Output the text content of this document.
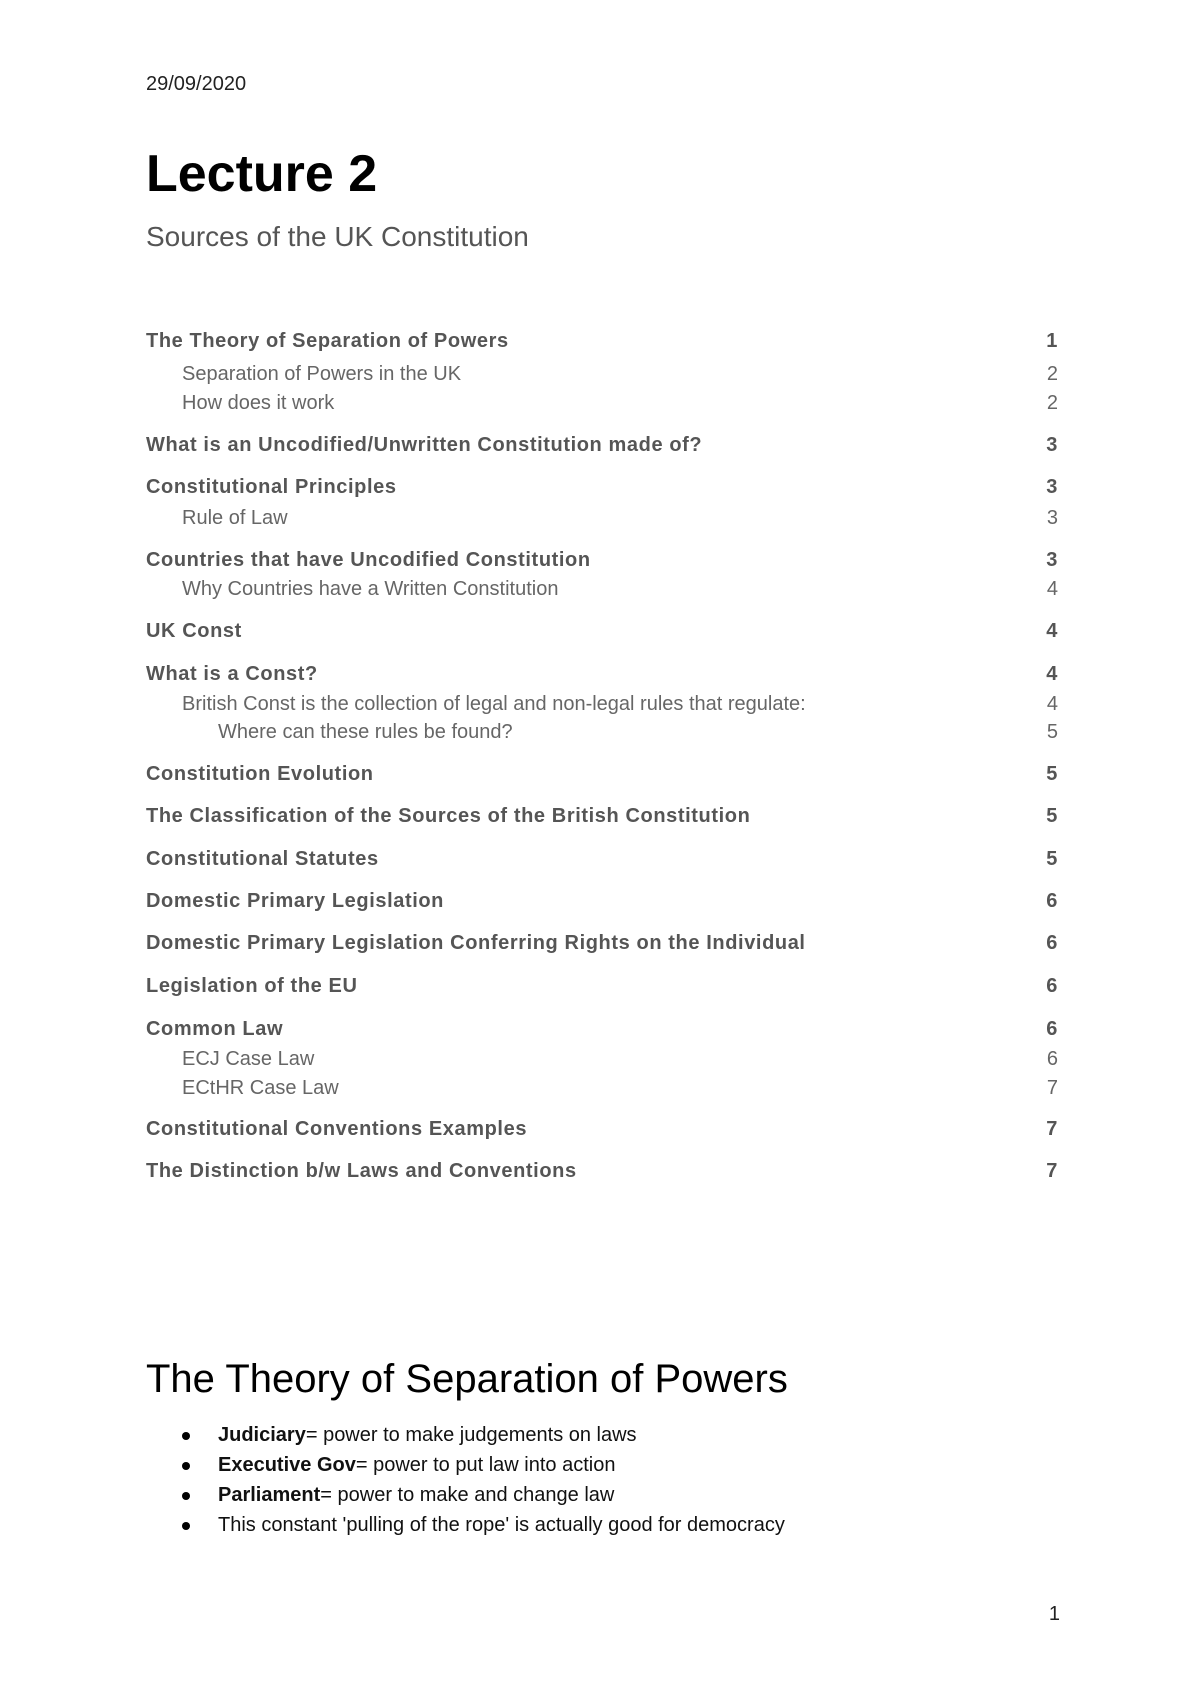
29/09/2020
Lecture 2
Sources of the UK Constitution
The Theory of Separation of Powers	1
Separation of Powers in the UK	2
How does it work	2
What is an Uncodified/Unwritten Constitution made of?	3
Constitutional Principles	3
Rule of Law	3
Countries that have Uncodified Constitution	3
Why Countries have a Written Constitution	4
UK Const	4
What is a Const?	4
British Const is the collection of legal and non-legal rules that regulate:	4
Where can these rules be found?	5
Constitution Evolution	5
The Classification of the Sources of the British Constitution	5
Constitutional Statutes	5
Domestic Primary Legislation	6
Domestic Primary Legislation Conferring Rights on the Individual	6
Legislation of the EU	6
Common Law	6
ECJ Case Law	6
ECtHR Case Law	7
Constitutional Conventions Examples	7
The Distinction b/w Laws and Conventions	7
The Theory of Separation of Powers
Judiciary= power to make judgements on laws
Executive Gov= power to put law into action
Parliament= power to make and change law
This constant 'pulling of the rope' is actually good for democracy
1
